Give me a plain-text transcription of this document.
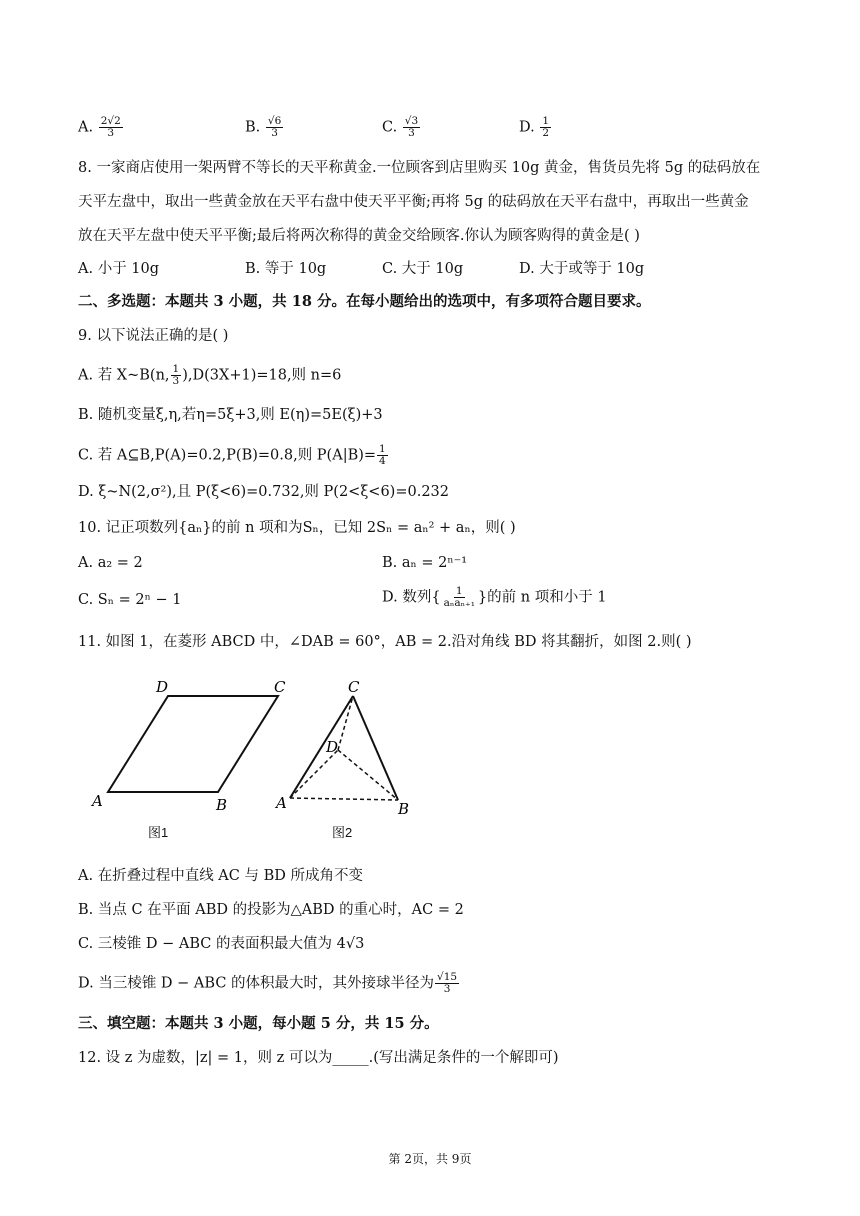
A. $\frac{2√2}{3}$	B. $\frac{√6}{3}$	C. $\frac{√3}{3}$	D. $\frac{1}{2}$
8. 一家商店使用一架两臂不等长的天平称黄金.一位顾客到店里购买 10g 黄金，售货员先将 5g 的砝码放在
天平左盘中，取出一些黄金放在天平右盘中使天平平衡;再将 5g 的砝码放在天平右盘中，再取出一些黄金
放在天平左盘中使天平平衡;最后将两次称得的黄金交给顾客.你认为顾客购得的黄金是( )
A. 小于 10g	B. 等于 10g	C. 大于 10g	D. 大于或等于 10g
二、多选题：本题共 3 小题，共 18 分。在每小题给出的选项中，有多项符合题目要求。
9. 以下说法正确的是( )
A. 若 X~B(n, $\frac{1}{3} ),D(3X+1)=18$,则 n=6
B. 随机变量ξ,η,若η=5ξ+3,则 E(η)=5E(ξ)+3
C. 若 A⊆B,P(A)=0.2,P(B)=0.8,则 $P(A|B)= \frac{1}{4}$
D. ξ~N(2,σ²),且 P(ξ<6)=0.732,则 P(2<ξ<6)=0.232
10. 记正项数列{aₙ}的前 n 项和为Sₙ，已知 2Sₙ = aₙ² + aₙ，则( )
A. a₂ = 2	B. aₙ = 2ⁿ⁻¹
C. Sₙ = 2ⁿ − 1	D. 数列{ $\frac{1}{\text{aₙaₙ₊₁}}$ }的前 n 项和小于 1
11. 如图 1，在菱形 ABCD 中，∠DAB = 60°，AB = 2.沿对角线 BD 将其翻折，如图 2.则( )
A	B
C
D
图1
A	B
C
D
图2
A. 在折叠过程中直线 AC 与 BD 所成角不变
B. 当点 C 在平面 ABD 的投影为△ABD 的重心时，AC = 2
C. 三棱锥 D − ABC 的表面积最大值为 4√3
D. 当三棱锥 D − ABC 的体积最大时，其外接球半径为 $\frac{√15}{3}$
三、填空题：本题共 3 小题，每小题 5 分，共 15 分。
12. 设 z 为虚数，|z| = 1，则 z 可以为_____.(写出满足条件的一个解即可)
第 2页，共 9页
